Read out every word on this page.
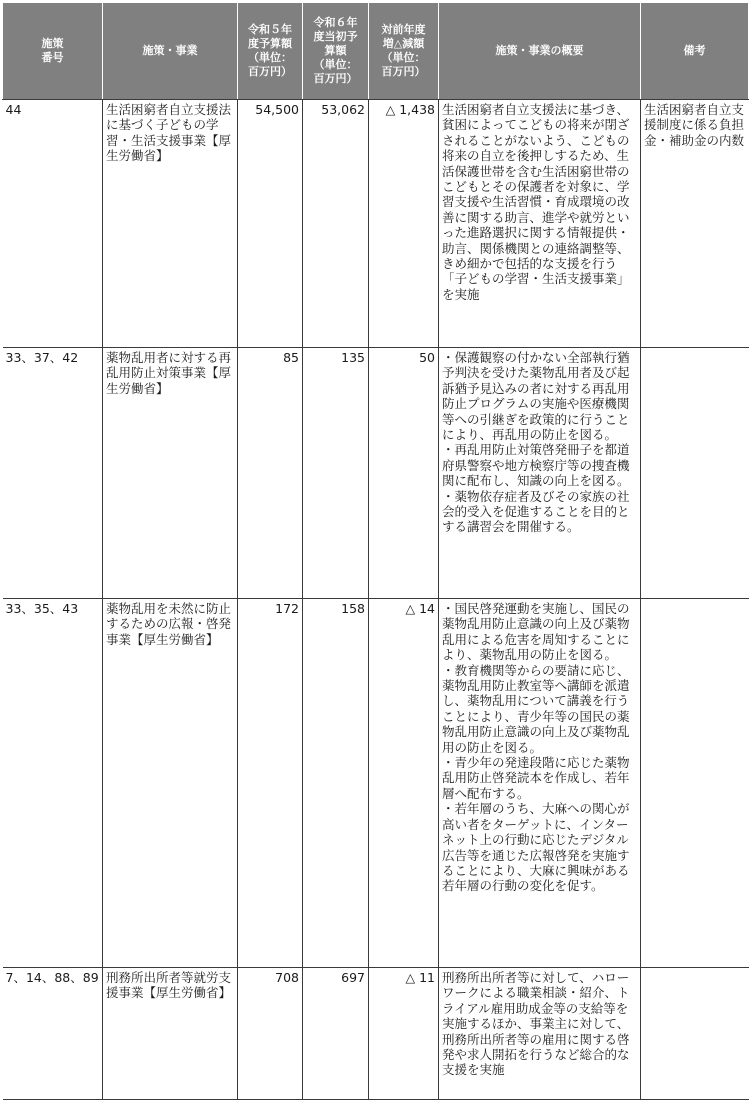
施策
番号	施策・事業	令和５年
度予算額
（単位：
百万円）	令和６年
度当初予
算額
（単位：
百万円）	対前年度
増△減額
（単位：
百万円）	施策・事業の概要	備考
44	生活困窮者自立支援法に基づく子どもの学習・生活支援事業【厚生労働省】	54,500	53,062	△ 1,438	生活困窮者自立支援法に基づき、貧困によってこどもの将来が閉ざされることがないよう、こどもの将来の自立を後押しするため、生活保護世帯を含む生活困窮世帯のこどもとその保護者を対象に、学習支援や生活習慣・育成環境の改善に関する助言、進学や就労といった進路選択に関する情報提供・助言、関係機関との連絡調整等、きめ細かで包括的な支援を行う「子どもの学習・生活支援事業」を実施	生活困窮者自立支援制度に係る負担金・補助金の内数
33、37、42	薬物乱用者に対する再乱用防止対策事業【厚生労働省】	85	135	50	・保護観察の付かない全部執行猶予判決を受けた薬物乱用者及び起訴猶予見込みの者に対する再乱用防止プログラムの実施や医療機関等への引継ぎを政策的に行うことにより、再乱用の防止を図る。
・再乱用防止対策啓発冊子を都道府県警察や地方検察庁等の捜査機関に配布し、知識の向上を図る。
・薬物依存症者及びその家族の社会的受入を促進することを目的とする講習会を開催する。	
33、35、43	薬物乱用を未然に防止するための広報・啓発事業【厚生労働省】	172	158	△ 14	・国民啓発運動を実施し、国民の薬物乱用防止意識の向上及び薬物乱用による危害を周知することにより、薬物乱用の防止を図る。
・教育機関等からの要請に応じ、薬物乱用防止教室等へ講師を派遣し、薬物乱用について講義を行うことにより、青少年等の国民の薬物乱用防止意識の向上及び薬物乱用の防止を図る。
・青少年の発達段階に応じた薬物乱用防止啓発読本を作成し、若年層へ配布する。
・若年層のうち、大麻への関心が高い者をターゲットに、インターネット上の行動に応じたデジタル広告等を通じた広報啓発を実施することにより、大麻に興味がある若年層の行動の変化を促す。	
7、14、88、89	刑務所出所者等就労支援事業【厚生労働省】	708	697	△ 11	刑務所出所者等に対して、ハローワークによる職業相談・紹介、トライアル雇用助成金等の支給等を実施するほか、事業主に対して、刑務所出所者等の雇用に関する啓発や求人開拓を行うなど総合的な支援を実施	
